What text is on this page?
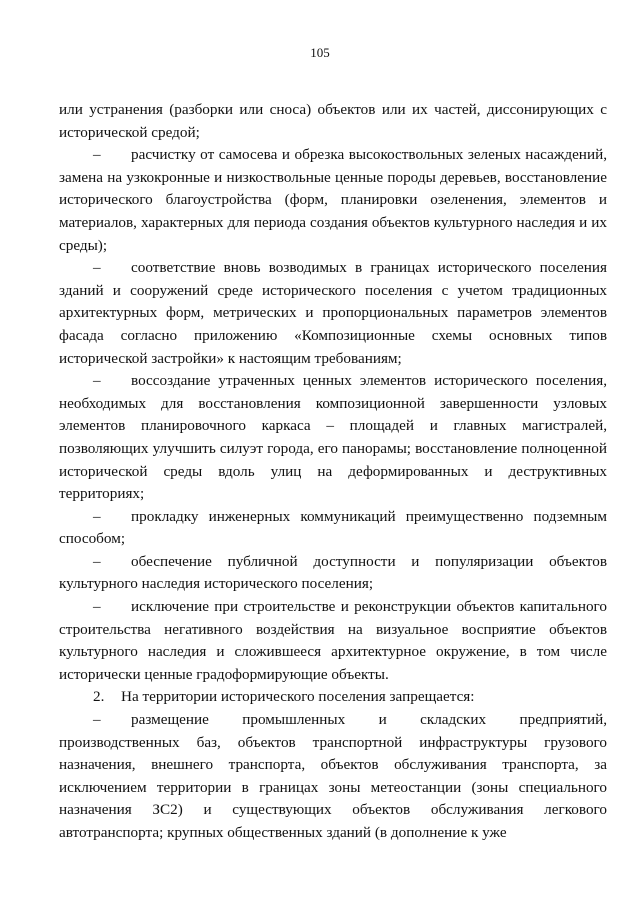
105

или устранения (разборки или сноса) объектов или их частей, диссонирующих с исторической средой;

– расчистку от самосева и обрезка высокоствольных зеленых насаждений, замена на узкокронные и низкоствольные ценные породы деревьев, восстановление исторического благоустройства (форм, планировки озеленения, элементов и материалов, характерных для периода создания объектов культурного наследия и их среды);

– соответствие вновь возводимых в границах исторического поселения зданий и сооружений среде исторического поселения с учетом традиционных архитектурных форм, метрических и пропорциональных параметров элементов фасада согласно приложению «Композиционные схемы основных типов исторической застройки» к настоящим требованиям;

– воссоздание утраченных ценных элементов исторического поселения, необходимых для восстановления композиционной завершенности узловых элементов планировочного каркаса – площадей и главных магистралей, позволяющих улучшить силуэт города, его панорамы; восстановление полноценной исторической среды вдоль улиц на деформированных и деструктивных территориях;

– прокладку инженерных коммуникаций преимущественно подземным способом;

– обеспечение публичной доступности и популяризации объектов культурного наследия исторического поселения;

– исключение при строительстве и реконструкции объектов капитального строительства негативного воздействия на визуальное восприятие объектов культурного наследия и сложившееся архитектурное окружение, в том числе исторически ценные градоформирующие объекты.

2. На территории исторического поселения запрещается:

– размещение промышленных и складских предприятий, производственных баз, объектов транспортной инфраструктуры грузового назначения, внешнего транспорта, объектов обслуживания транспорта, за исключением территории в границах зоны метеостанции (зоны специального назначения ЗС2) и существующих объектов обслуживания легкового автотранспорта; крупных общественных зданий (в дополнение к уже
